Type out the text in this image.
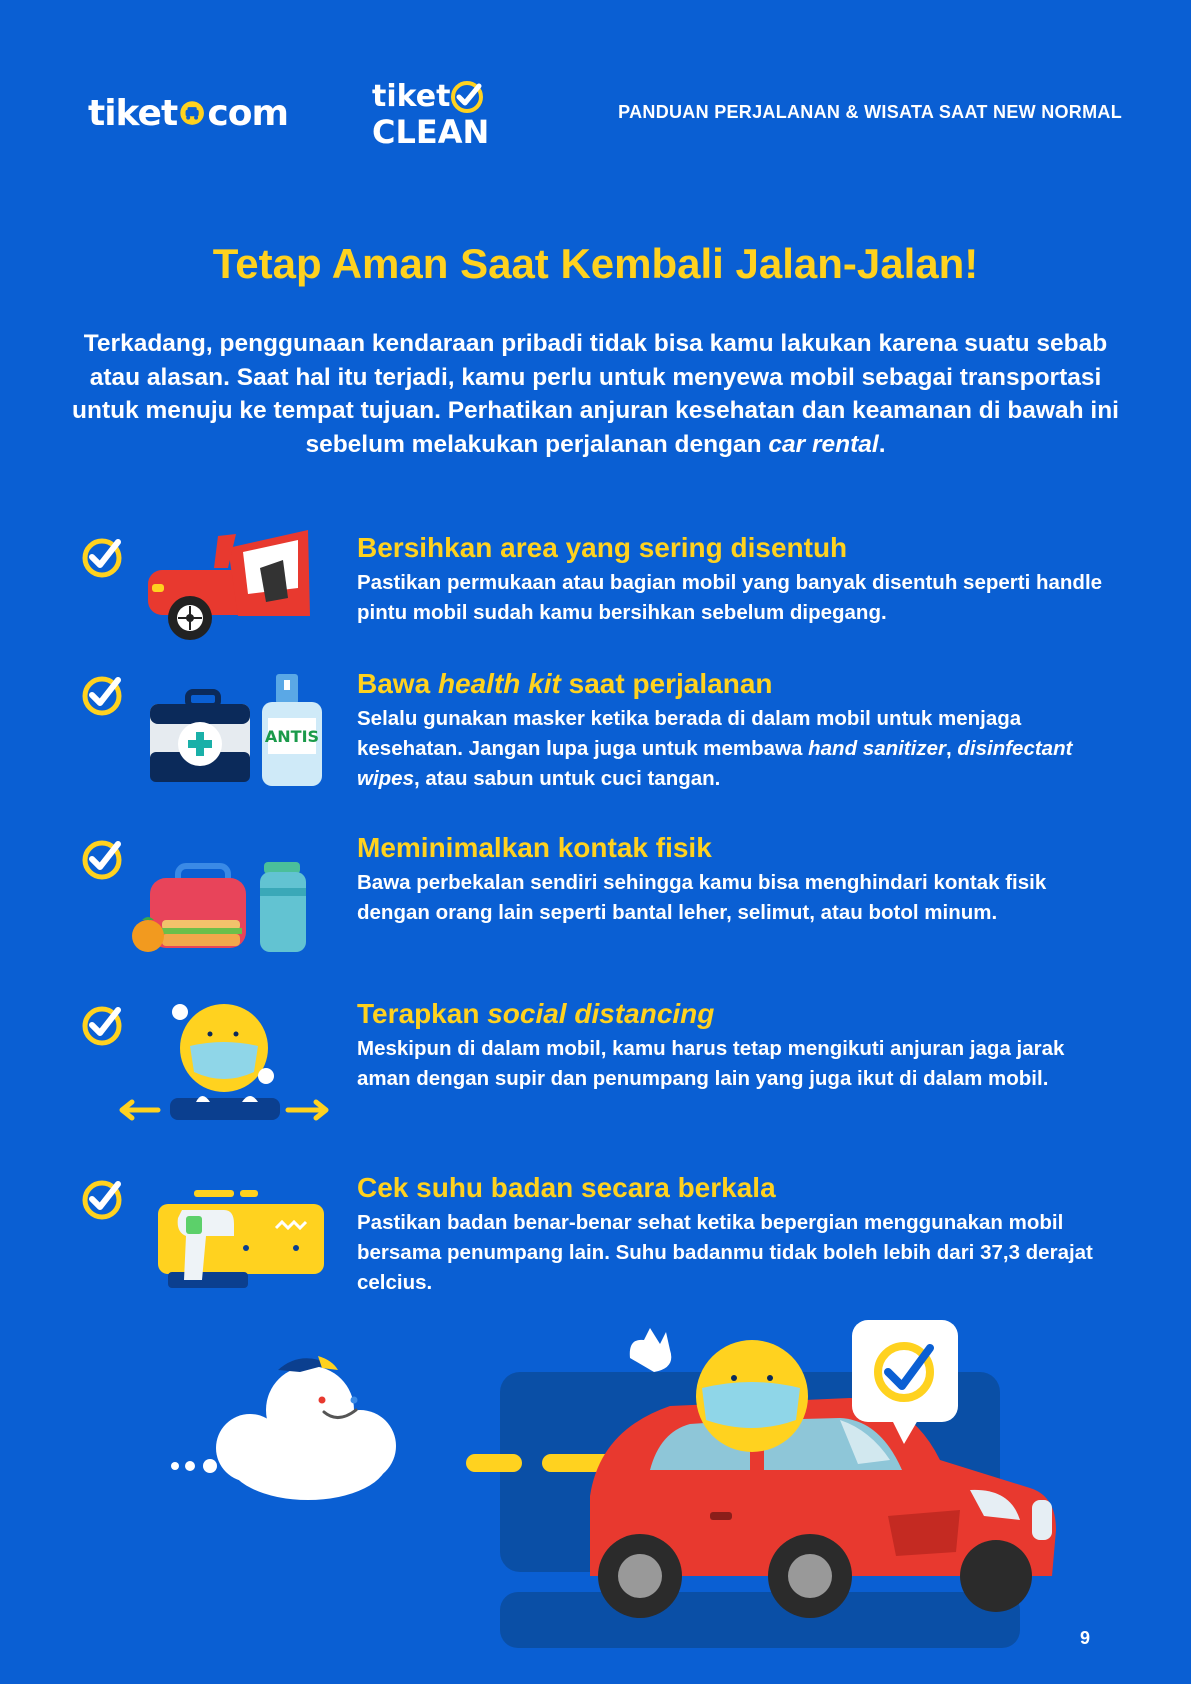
tiket com	tiket
CLEAN
PANDUAN PERJALANAN & WISATA SAAT NEW NORMAL
Tetap Aman Saat Kembali Jalan-Jalan!
Terkadang, penggunaan kendaraan pribadi tidak bisa kamu lakukan karena suatu sebab atau alasan. Saat hal itu terjadi, kamu perlu untuk menyewa mobil sebagai transportasi untuk menuju ke tempat tujuan. Perhatikan anjuran kesehatan dan keamanan di bawah ini sebelum melakukan perjalanan dengan car rental.
Bersihkan area yang sering disentuh
Pastikan permukaan atau bagian mobil yang banyak disentuh seperti handle pintu mobil sudah kamu bersihkan sebelum dipegang.
ANTIS
Bawa health kit saat perjalanan
Selalu gunakan masker ketika berada di dalam mobil untuk menjaga kesehatan. Jangan lupa juga untuk membawa hand sanitizer, disinfectant wipes, atau sabun untuk cuci tangan.
Meminimalkan kontak fisik
Bawa perbekalan sendiri sehingga kamu bisa menghindari kontak fisik dengan orang lain seperti bantal leher, selimut, atau botol minum.
Terapkan social distancing
Meskipun di dalam mobil, kamu harus tetap mengikuti anjuran jaga jarak aman dengan supir dan penumpang lain yang juga ikut di dalam mobil.
Cek suhu badan secara berkala
Pastikan badan benar-benar sehat ketika bepergian menggunakan mobil bersama penumpang lain. Suhu badanmu tidak boleh lebih dari 37,3 derajat celcius.
9
